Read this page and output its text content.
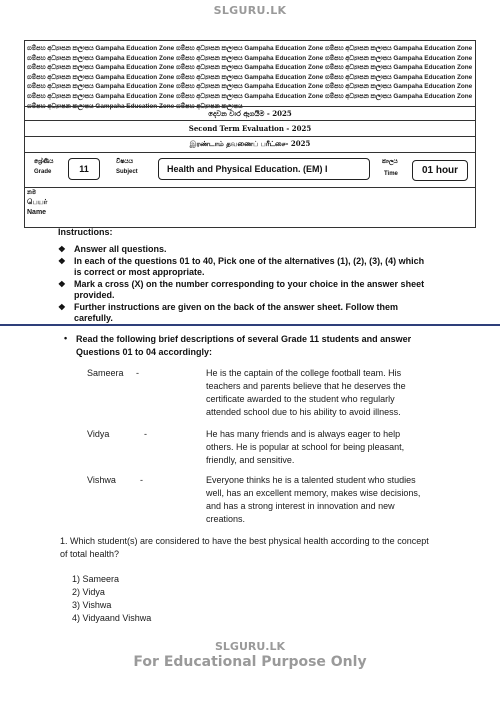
SLGURU.LK
ගම්පහ අධ්‍යාපන කලාපය Gampaha Education Zone ගම්පහ අධ්‍යාපන කලාපය Gampaha Education Zone ගම්පහ අධ්‍යාපන කලාපය Gampaha Education Zone ගම්පහ අධ්‍යාපන කලාපය Gampaha Education Zone ගම්පහ අධ්‍යාපන කලාපය Gampaha Education Zone ගම්පහ අධ්‍යාපන කලාපය Gampaha Education Zone ගම්පහ අධ්‍යාපන කලාපය Gampaha Education Zone ගම්පහ අධ්‍යාපන කලාපය Gampaha Education Zone ගම්පහ අධ්‍යාපන කලාපය Gampaha Education Zone ගම්පහ අධ්‍යාපන කලාපය Gampaha Education Zone ගම්පහ අධ්‍යාපන කලාපය Gampaha Education Zone ගම්පහ අධ්‍යාපන කලාපය Gampaha Education Zone ගම්පහ අධ්‍යාපන කලාපය Gampaha Education Zone ගම්පහ අධ්‍යාපන කලාපය Gampaha Education Zone ගම්පහ අධ්‍යාපන කලාපය Gampaha Education Zone ගම්පහ අධ්‍යාපන කලාපය Gampaha Education Zone ගම්පහ අධ්‍යාපන කලාපය Gampaha Education Zone ගම්පහ අධ්‍යාපන කලාපය Gampaha Education Zone ගම්පහ අධ්‍යාපන කලාපය Gampaha Education Zone ගම්පහ අධ්‍යාපන කලාපය
දෙවන වාර ඇගයීම - 2025
Second Term Evaluation - 2025
இரண்டாம் தவணைப் பரீட்சை- 2025
ශ්‍රේණිය
Grade	11
විෂයය
Subject	Health and Physical Education. (EM) I
කාලය
Time	01 hour
නම
பெயர்
Name
Instructions:
❖ Answer all questions.
❖ In each of the questions 01 to 40, Pick one of the alternatives (1), (2), (3), (4) which is correct or most appropriate.
❖ Mark a cross (X) on the number corresponding to your choice in the answer sheet provided.
❖ Further instructions are given on the back of the answer sheet. Follow them carefully.
• Read the following brief descriptions of several Grade 11 students and answer Questions 01 to 04 accordingly:
Sameera -	He is the captain of the college football team. His teachers and parents believe that he deserves the certificate awarded to the student who regularly attended school due to his ability to avoid illness.
Vidya	-	He has many friends and is always eager to help others. He is popular at school for being pleasant, friendly, and sensitive.
Vishwa	-	Everyone thinks he is a talented student who studies well, has an excellent memory, makes wise decisions, and has a strong interest in innovation and new creations.
1. Which student(s) are considered to have the best physical health according to the concept of total health?
1) Sameera
2) Vidya
3) Vishwa
4) Vidyaand Vishwa
SLGURU.LK
For Educational Purpose Only
